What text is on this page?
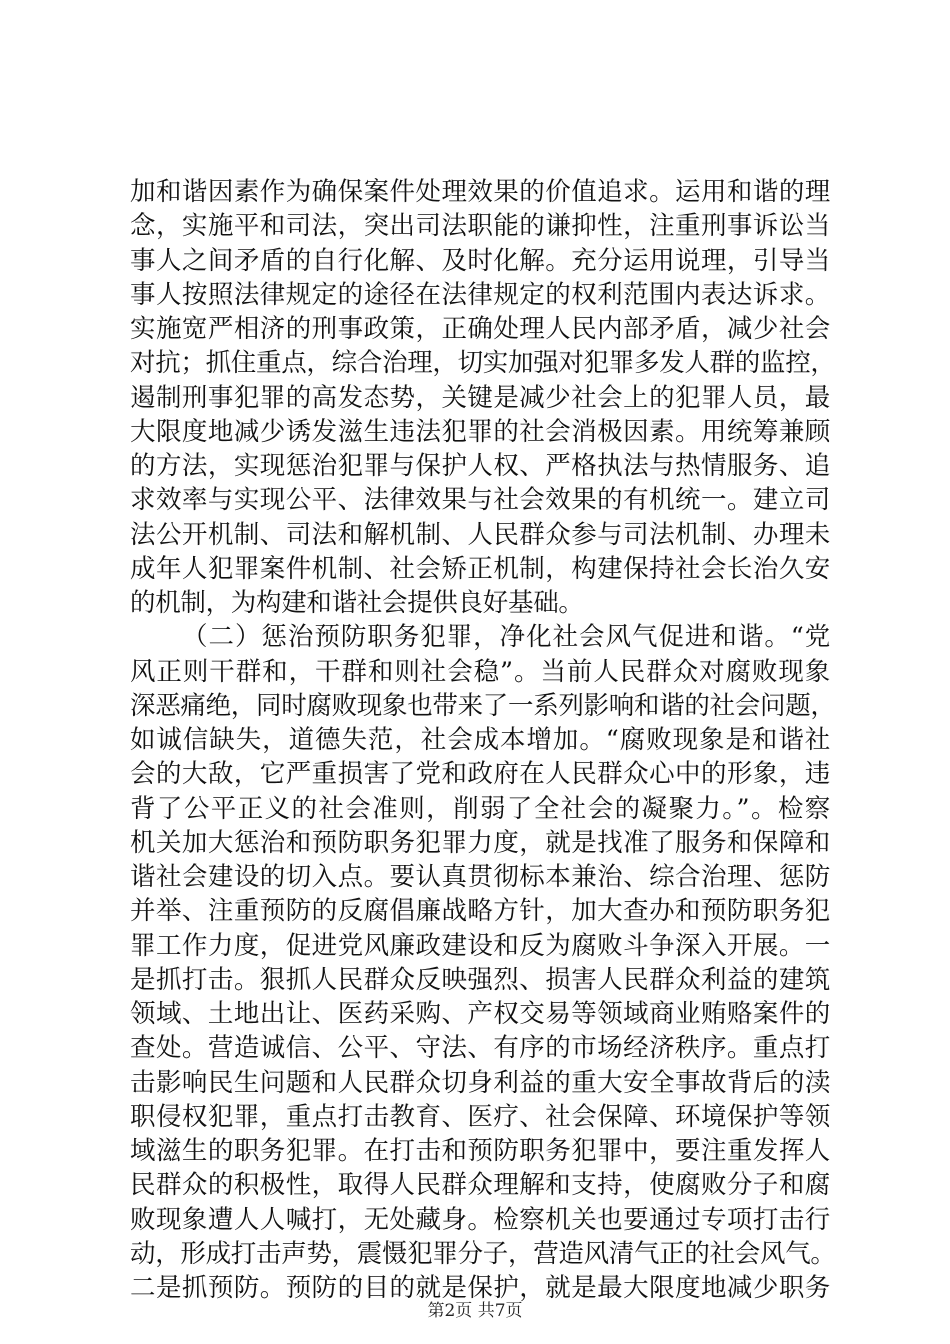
加和谐因素作为确保案件处理效果的价值追求。运用和谐的理
念，实施平和司法，突出司法职能的谦抑性，注重刑事诉讼当
事人之间矛盾的自行化解、及时化解。充分运用说理，引导当
事人按照法律规定的途径在法律规定的权利范围内表达诉求。
实施宽严相济的刑事政策，正确处理人民内部矛盾，减少社会
对抗；抓住重点，综合治理，切实加强对犯罪多发人群的监控，
遏制刑事犯罪的高发态势，关键是减少社会上的犯罪人员，最
大限度地减少诱发滋生违法犯罪的社会消极因素。用统筹兼顾
的方法，实现惩治犯罪与保护人权、严格执法与热情服务、追
求效率与实现公平、法律效果与社会效果的有机统一。建立司
法公开机制、司法和解机制、人民群众参与司法机制、办理未
成年人犯罪案件机制、社会矫正机制，构建保持社会长治久安
的机制，为构建和谐社会提供良好基础。
（二）惩治预防职务犯罪，净化社会风气促进和谐。“党
风正则干群和，干群和则社会稳”。当前人民群众对腐败现象
深恶痛绝，同时腐败现象也带来了一系列影响和谐的社会问题，
如诚信缺失，道德失范，社会成本增加。“腐败现象是和谐社
会的大敌，它严重损害了党和政府在人民群众心中的形象，违
背了公平正义的社会准则，削弱了全社会的凝聚力。”。检察
机关加大惩治和预防职务犯罪力度，就是找准了服务和保障和
谐社会建设的切入点。要认真贯彻标本兼治、综合治理、惩防
并举、注重预防的反腐倡廉战略方针，加大查办和预防职务犯
罪工作力度，促进党风廉政建设和反为腐败斗争深入开展。一
是抓打击。狠抓人民群众反映强烈、损害人民群众利益的建筑
领域、土地出让、医药采购、产权交易等领域商业贿赂案件的
查处。营造诚信、公平、守法、有序的市场经济秩序。重点打
击影响民生问题和人民群众切身利益的重大安全事故背后的渎
职侵权犯罪，重点打击教育、医疗、社会保障、环境保护等领
域滋生的职务犯罪。在打击和预防职务犯罪中，要注重发挥人
民群众的积极性，取得人民群众理解和支持，使腐败分子和腐
败现象遭人人喊打，无处藏身。检察机关也要通过专项打击行
动，形成打击声势，震慑犯罪分子，营造风清气正的社会风气。
二是抓预防。预防的目的就是保护，就是最大限度地减少职务
第2页 共7页
